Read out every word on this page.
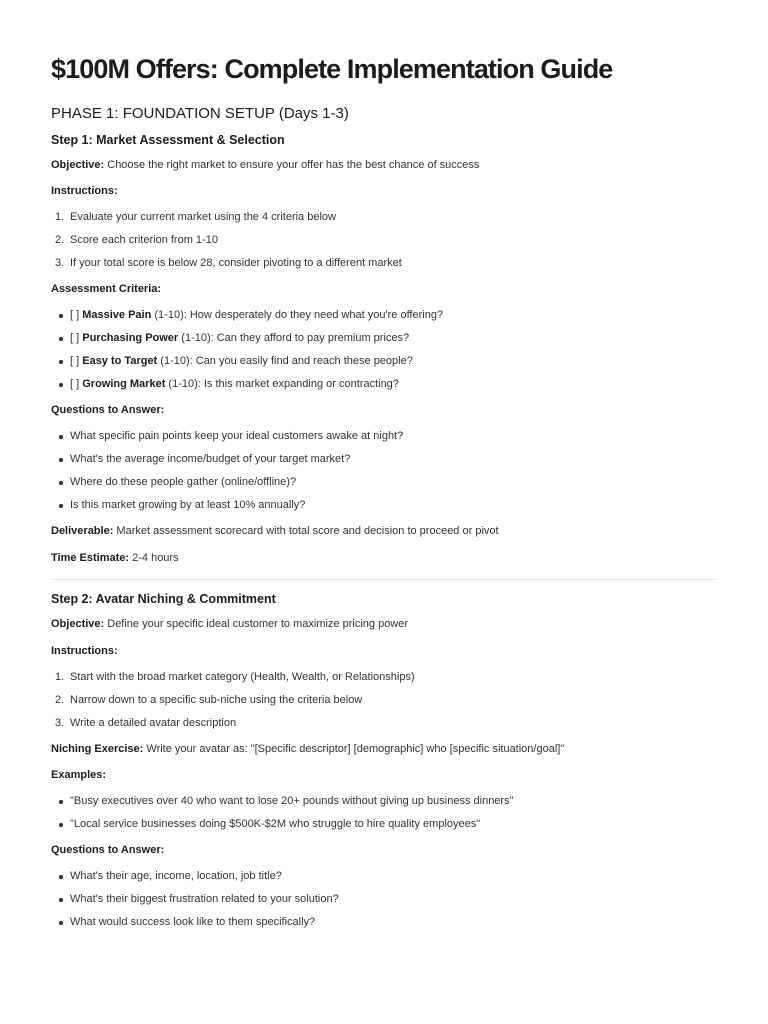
$100M Offers: Complete Implementation Guide
PHASE 1: FOUNDATION SETUP (Days 1-3)
Step 1: Market Assessment & Selection

Objective: Choose the right market to ensure your offer has the best chance of success

Instructions:

1. Evaluate your current market using the 4 criteria below
2. Score each criterion from 1-10
3. If your total score is below 28, consider pivoting to a different market

Assessment Criteria:

[ ] Massive Pain (1-10): How desperately do they need what you're offering?
[ ] Purchasing Power (1-10): Can they afford to pay premium prices?
[ ] Easy to Target (1-10): Can you easily find and reach these people?
[ ] Growing Market (1-10): Is this market expanding or contracting?

Questions to Answer:

What specific pain points keep your ideal customers awake at night?
What's the average income/budget of your target market?
Where do these people gather (online/offline)?
Is this market growing by at least 10% annually?

Deliverable: Market assessment scorecard with total score and decision to proceed or pivot

Time Estimate: 2-4 hours

Step 2: Avatar Niching & Commitment

Objective: Define your specific ideal customer to maximize pricing power

Instructions:

1. Start with the broad market category (Health, Wealth, or Relationships)
2. Narrow down to a specific sub-niche using the criteria below
3. Write a detailed avatar description

Niching Exercise: Write your avatar as: "[Specific descriptor] [demographic] who [specific situation/goal]"

Examples:

"Busy executives over 40 who want to lose 20+ pounds without giving up business dinners"
"Local service businesses doing $500K-$2M who struggle to hire quality employees"

Questions to Answer:

What's their age, income, location, job title?
What's their biggest frustration related to your solution?
What would success look like to them specifically?
